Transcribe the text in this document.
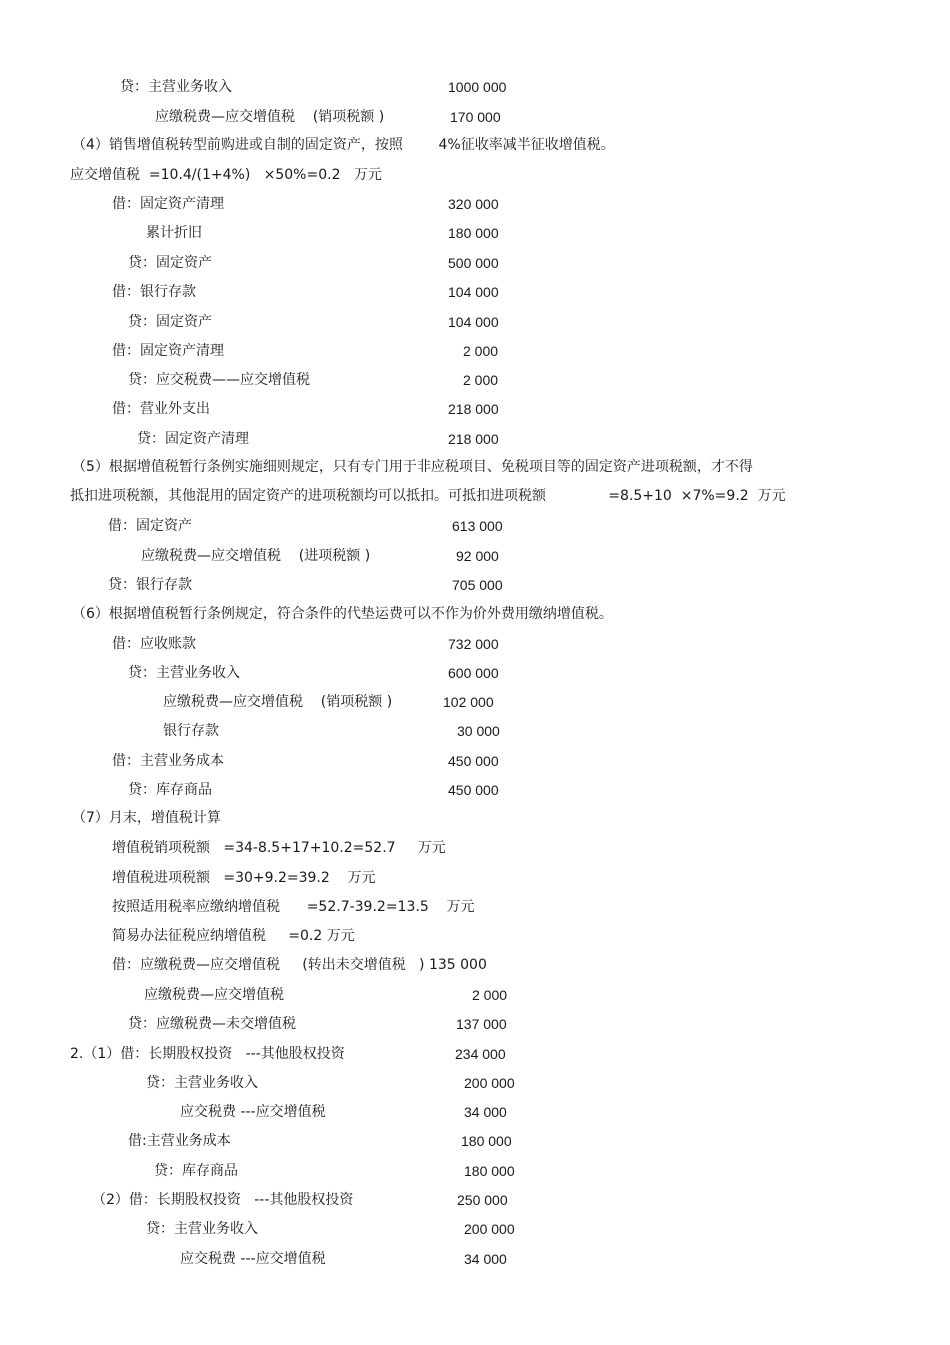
贷：主营业务收入	1000 000
应缴税费—应交增值税    (销项税额 )	170 000
（4）销售增值税转型前购进或自制的固定资产，按照        4%征收率减半征收增值税。
应交增值税  =10.4/(1+4%)   ×50%=0.2   万元
借：固定资产清理	320 000
累计折旧	180 000
贷：固定资产	500 000
借：银行存款	104 000
贷：固定资产	104 000
借：固定资产清理	2 000
贷：应交税费——应交增值税	2 000
借：营业外支出	218 000
贷：固定资产清理	218 000
（5）根据增值税暂行条例实施细则规定，只有专门用于非应税项目、免税项目等的固定资产进项税额，才不得
抵扣进项税额，其他混用的固定资产的进项税额均可以抵扣。可抵扣进项税额              =8.5+10  ×7%=9.2  万元
借：固定资产	613 000
应缴税费—应交增值税    (进项税额 )	92 000
贷：银行存款	705 000
（6）根据增值税暂行条例规定，符合条件的代垫运费可以不作为价外费用缴纳增值税。
借：应收账款	732 000
贷：主营业务收入	600 000
应缴税费—应交增值税    (销项税额 )	102 000
银行存款	30 000
借：主营业务成本	450 000
贷：库存商品	450 000
（7）月末，增值税计算
增值税销项税额   =34-8.5+17+10.2=52.7     万元
增值税进项税额   =30+9.2=39.2    万元
按照适用税率应缴纳增值税      =52.7-39.2=13.5    万元
简易办法征税应纳增值税     =0.2 万元
借：应缴税费—应交增值税     (转出未交增值税   ) 135 000
应缴税费—应交增值税	2 000
贷：应缴税费—未交增值税	137 000
2.（1）借：长期股权投资   ---其他股权投资	234 000
贷：主营业务收入	200 000
应交税费 ---应交增值税	34 000
借:主营业务成本	180 000
贷：库存商品	180 000
（2）借：长期股权投资   ---其他股权投资	250 000
贷：主营业务收入	200 000
应交税费 ---应交增值税	34 000
